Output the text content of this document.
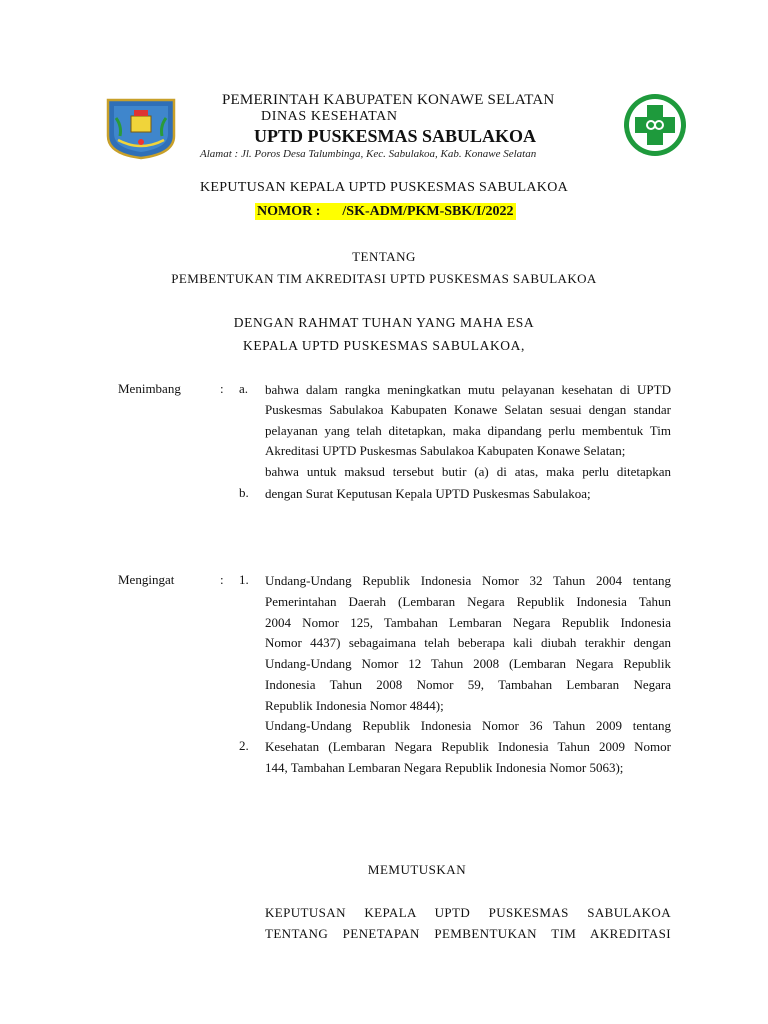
PEMERINTAH KABUPATEN KONAWE SELATAN
DINAS KESEHATAN
UPTD PUSKESMAS SABULAKOA
Alamat : Jl. Poros Desa Talumbinga, Kec. Sabulakoa, Kab. Konawe Selatan
KEPUTUSAN KEPALA UPTD PUSKESMAS SABULAKOA
NOMOR : /SK-ADM/PKM-SBK/I/2022
TENTANG
PEMBENTUKAN TIM AKREDITASI UPTD PUSKESMAS SABULAKOA
DENGAN RAHMAT TUHAN YANG MAHA ESA
KEPALA UPTD PUSKESMAS SABULAKOA,
Menimbang	: a.
b.
bahwa dalam rangka meningkatkan mutu pelayanan kesehatan di UPTD
Puskesmas Sabulakoa Kabupaten Konawe Selatan sesuai dengan standar
pelayanan yang telah ditetapkan, maka dipandang perlu membentuk Tim
Akreditasi UPTD Puskesmas Sabulakoa Kabupaten Konawe Selatan;
bahwa untuk maksud tersebut butir (a) di atas, maka perlu ditetapkan
dengan Surat Keputusan Kepala UPTD Puskesmas Sabulakoa;
Mengingat	: 1.
2.
Undang-Undang Republik Indonesia Nomor 32 Tahun 2004 tentang
Pemerintahan Daerah (Lembaran Negara Republik Indonesia Tahun
2004 Nomor 125, Tambahan Lembaran Negara Republik Indonesia
Nomor 4437) sebagaimana telah beberapa kali diubah terakhir dengan
Undang-Undang Nomor 12 Tahun 2008 (Lembaran Negara Republik
Indonesia Tahun 2008 Nomor 59, Tambahan Lembaran Negara
Republik Indonesia Nomor 4844);
Undang-Undang Republik Indonesia Nomor 36 Tahun 2009 tentang
Kesehatan (Lembaran Negara Republik Indonesia Tahun 2009 Nomor
144, Tambahan Lembaran Negara Republik Indonesia Nomor 5063);
MEMUTUSKAN
KEPUTUSAN KEPALA UPTD PUSKESMAS SABULAKOA
TENTANG PENETAPAN PEMBENTUKAN TIM AKREDITASI
